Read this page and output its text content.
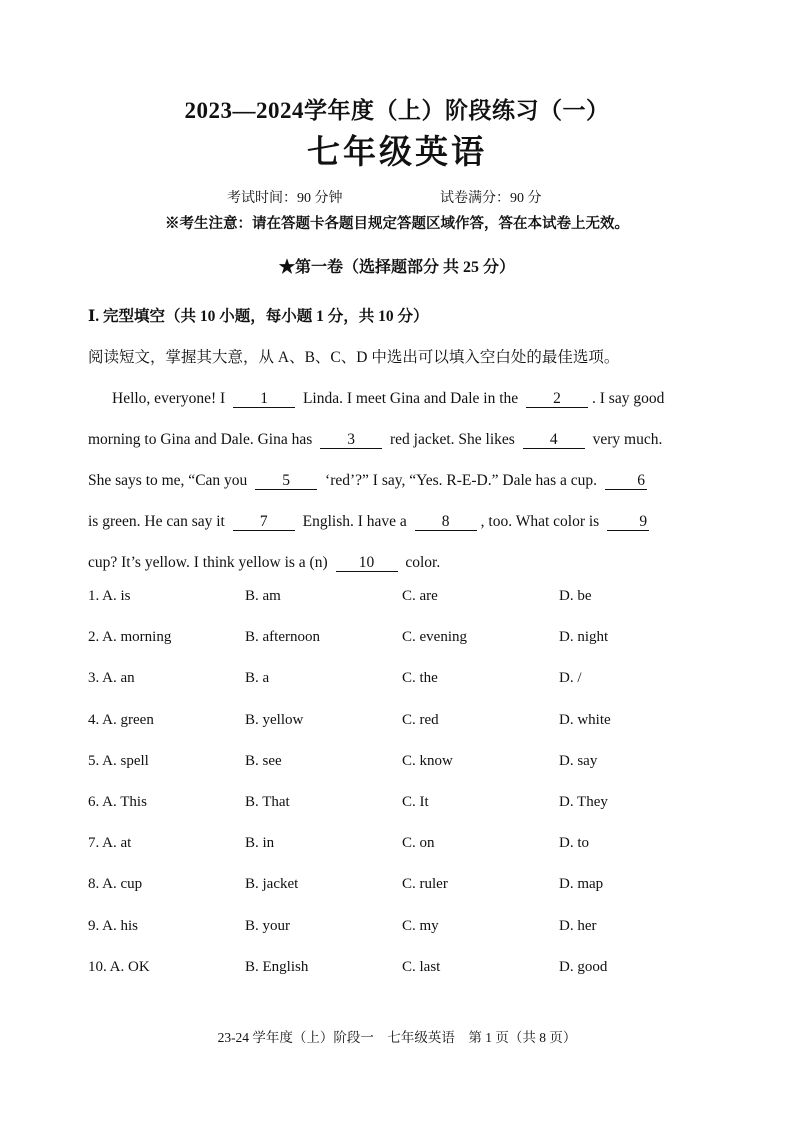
2023—2024学年度（上）阶段练习（一）
七年级英语
考试时间：90 分钟	试卷满分：90 分
※考生注意：请在答题卡各题目规定答题区域作答，答在本试卷上无效。
★第一卷（选择题部分 共 25 分）
Ⅰ. 完型填空（共 10 小题，每小题 1 分，共 10 分）
阅读短文，掌握其大意，从 A、B、C、D 中选出可以填入空白处的最佳选项。
Hello, everyone! I 1 Linda. I meet Gina and Dale in the 2 . I say good
morning to Gina and Dale. Gina has 3 red jacket. She likes 4 very much.
She says to me, “Can you 5 ‘red’?” I say, “Yes. R-E-D.” Dale has a cup.	6
is green. He can say it 7 English. I have a 8 , too. What color is	9
cup? It’s yellow. I think yellow is a (n) 10 color.
1. A. is	B. am	C. are	D. be
2. A. morning	B. afternoon	C. evening	D. night
3. A. an	B. a	C. the	D. /
4. A. green	B. yellow	C. red	D. white
5. A. spell	B. see	C. know	D. say
6. A. This	B. That	C. It	D. They
7. A. at	B. in	C. on	D. to
8. A. cup	B. jacket	C. ruler	D. map
9. A. his	B. your	C. my	D. her
10. A. OK	B. English	C. last	D. good
23-24 学年度（上）阶段一　七年级英语　第 1 页（共 8 页）
